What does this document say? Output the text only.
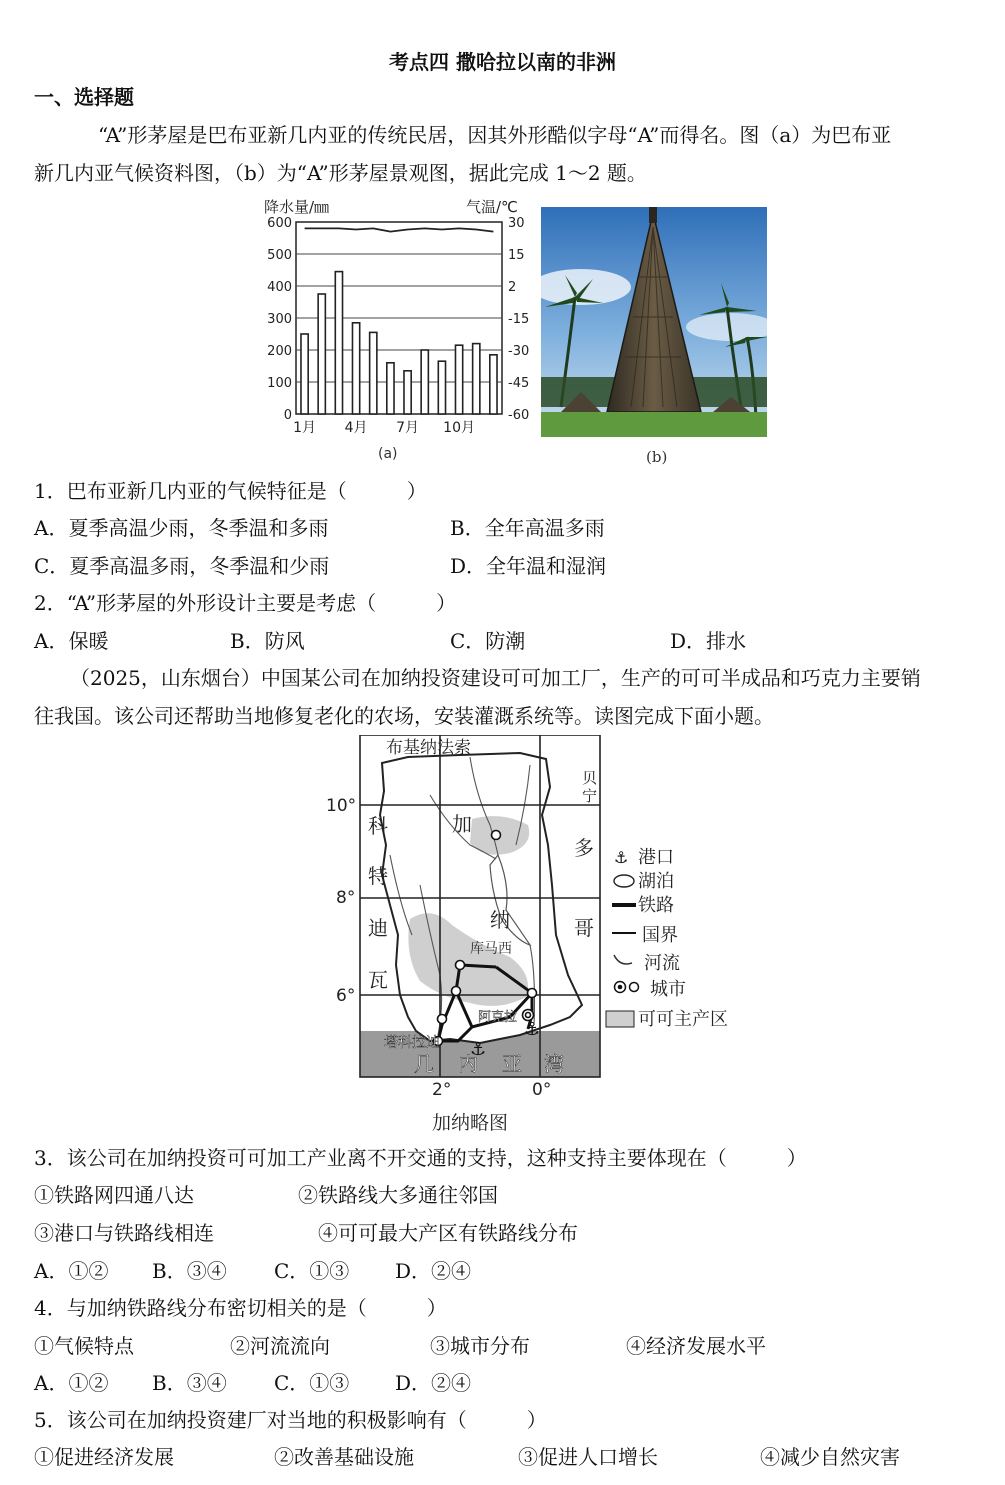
考点四 撒哈拉以南的非洲
一、选择题
“A”形茅屋是巴布亚新几内亚的传统民居，因其外形酷似字母“A”而得名。图（a）为巴布亚
新几内亚气候资料图，（b）为“A”形茅屋景观图，据此完成 1～2 题。
降水量/㎜	气温/℃
0
100
200
300
400
500
600
-60
-45
-30
-15
2
15
30
1月 4月 7月 10月
(a)	(b)
1．巴布亚新几内亚的气候特征是（　　　）
A．夏季高温少雨，冬季温和多雨	B．全年高温多雨
C．夏季高温多雨，冬季温和少雨	D．全年温和湿润
2．“A”形茅屋的外形设计主要是考虑（　　　）
A．保暖	B．防风	C．防潮	D．排水
（2025，山东烟台）中国某公司在加纳投资建设可可加工厂，生产的可可半成品和巧克力主要销
往我国。该公司还帮助当地修复老化的农场，安装灌溉系统等。读图完成下面小题。
⚓
⚓
布基纳法索
贝
宁
加
纳
多
哥
科
特
迪
瓦
库马西
阿克拉
塔科拉迪
几 内 亚 湾
10°
8°
6°
2°	0°
⚓ 港口
湖泊
铁路
国界
河流
城市
可可主产区
加纳略图
3．该公司在加纳投资可可加工产业离不开交通的支持，这种支持主要体现在（　　　）
①铁路网四通八达	②铁路线大多通往邻国
③港口与铁路线相连	④可可最大产区有铁路线分布
A．①② B．③④ C．①③ D．②④
4．与加纳铁路线分布密切相关的是（　　　）
①气候特点	②河流流向	③城市分布	④经济发展水平
A．①② B．③④ C．①③ D．②④
5．该公司在加纳投资建厂对当地的积极影响有（　　　）
①促进经济发展	②改善基础设施	③促进人口增长	④减少自然灾害
